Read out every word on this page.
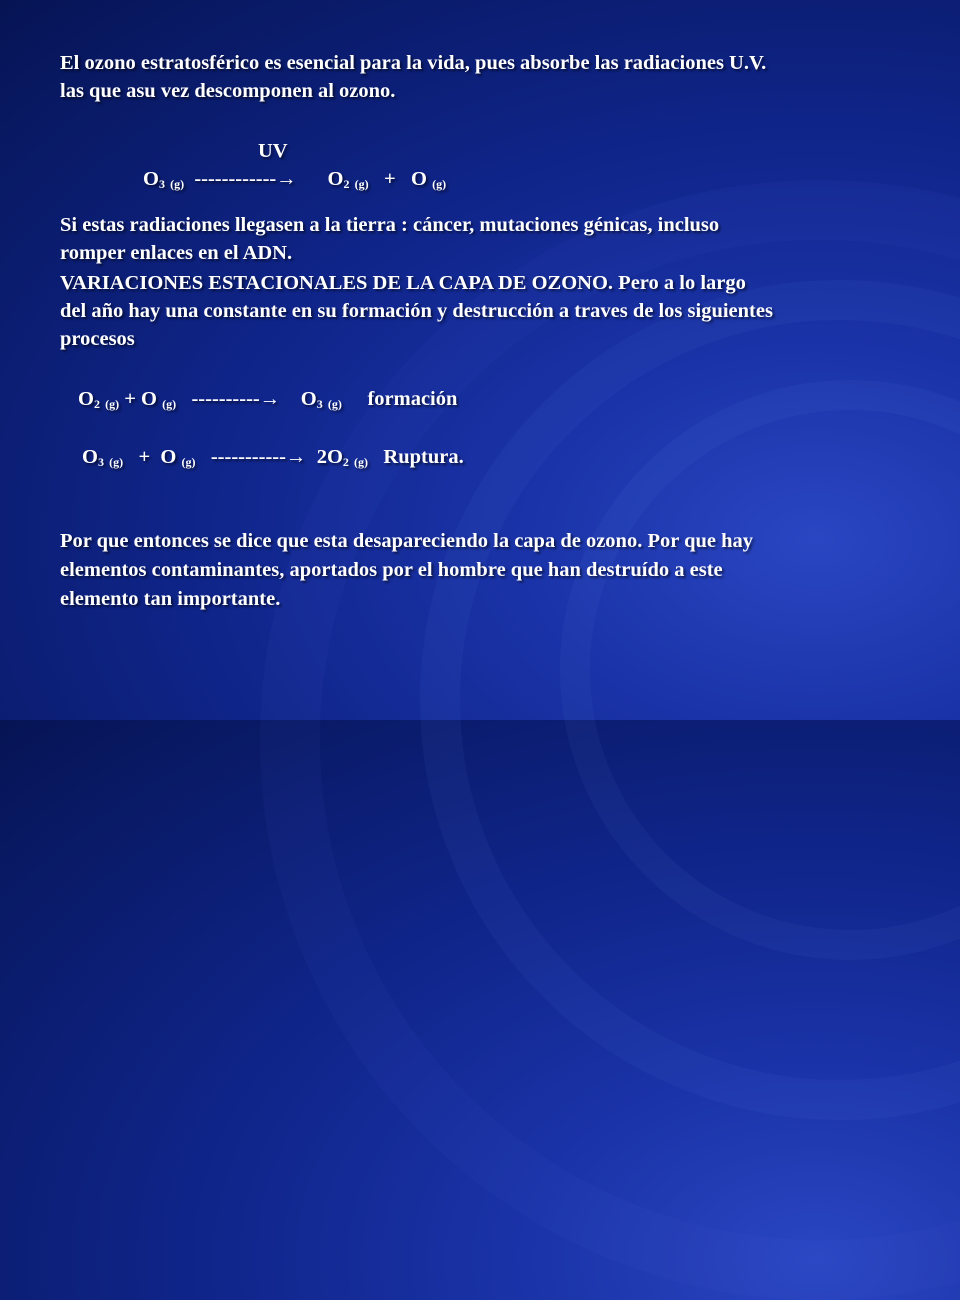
El ozono estratosférico es esencial para la vida, pues absorbe las radiaciones U.V.
las que asu vez descomponen al ozono.
UV
$O_3$ $_{(g)}$ ------------→ $O_2$ $_{(g)}$ + O $_{(g)}$
Si estas radiaciones llegasen a la tierra : cáncer, mutaciones génicas, incluso
romper enlaces en el ADN.
VARIACIONES ESTACIONALES DE LA CAPA DE OZONO. Pero a lo largo
del año hay una constante en su formación y destrucción a traves de los siguientes
procesos
$O_2$ $_{(g)}$ + O $_{(g)}$ ----------→ $O_3$ $_{(g)}$ formación
$O_3$ $_{(g)}$ + O $_{(g)}$ -----------→ $2O_2$ $_{(g)}$ Ruptura.
Por que entonces se dice que esta desapareciendo la capa de ozono. Por que hay
elementos contaminantes, aportados por el hombre que han destruído a este
elemento tan importante.
